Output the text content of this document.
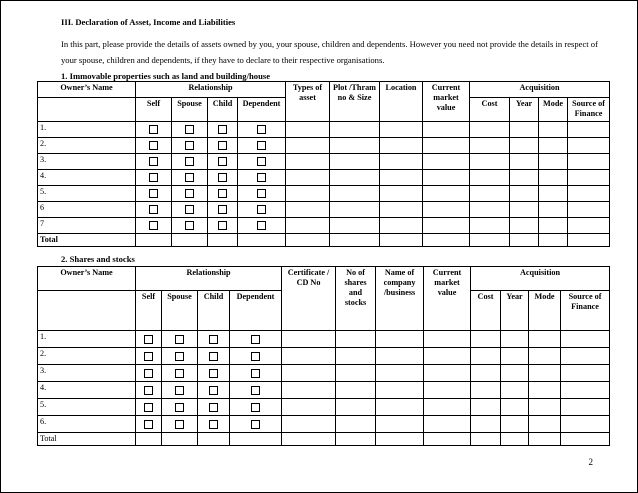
III. Declaration of Asset, Income and Liabilities
In this part, please provide the details of assets owned by you, your spouse, children and dependents. However you need not provide the details in respect of your spouse, children and dependents, if they have to declare to their respective organisations.
1. Immovable properties such as land and building/house
Owner’s Name	Relationship				Types of asset	Plot /Thram no & Size	Location	Current market value	Acquisition			
	Self	Spouse	Child	Dependent					Cost	Year	Mode	Source of Finance
1.												
2.												
3.												
4.												
5.												
6												
7												
Total												
2. Shares and stocks
Owner’s Name	Relationship				Certificate / CD No	No of shares and stocks	Name of company /business	Current market value	Acquisition			
	Self	Spouse	Child	Dependent					Cost	Year	Mode	Source of Finance
1.												
2.												
3.												
4.												
5.												
6.												
Total												
2
